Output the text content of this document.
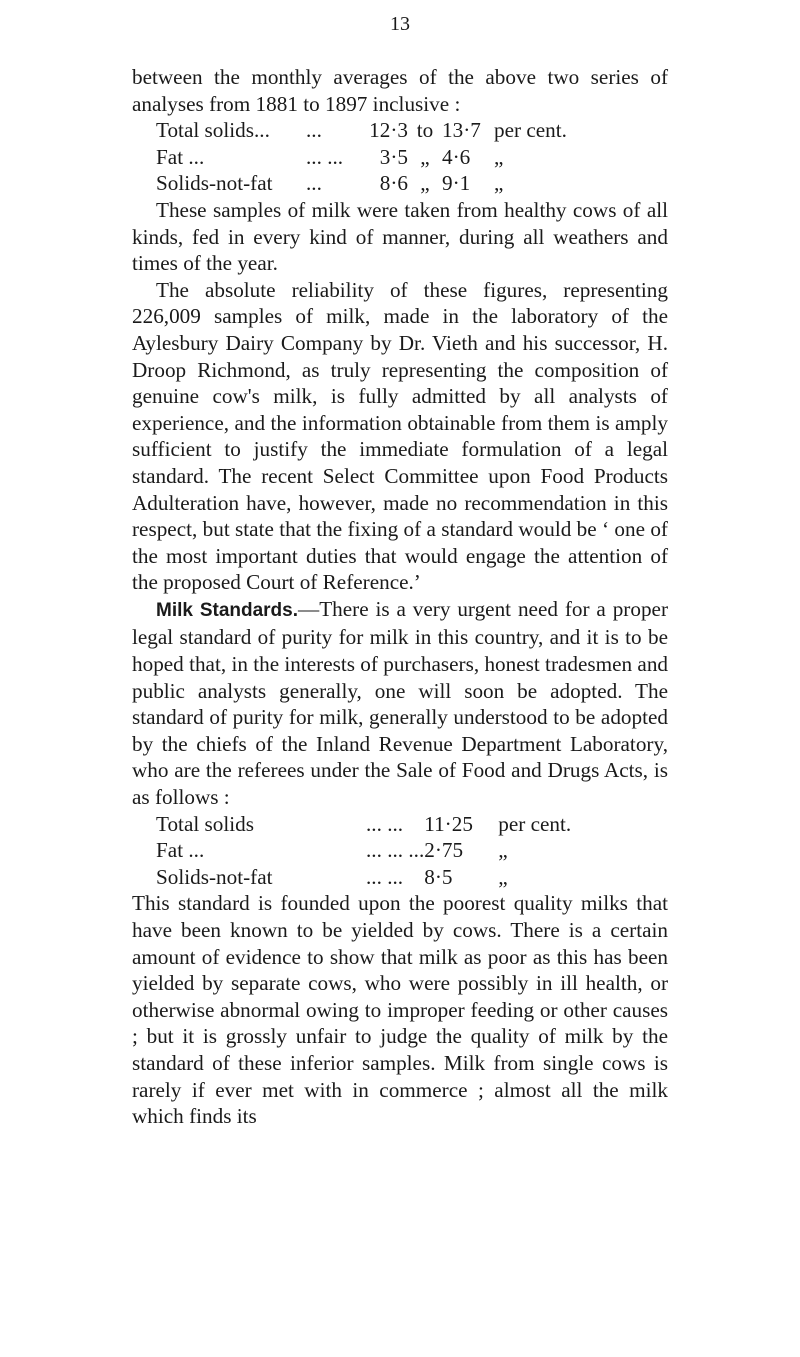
13

between the monthly averages of the above two series of analyses from 1881 to 1897 inclusive :

Total solids...	...	12·3	to	13·7	per cent.
Fat ...	... ...	3·5	„	4·6	„
Solids-not-fat	...	8·6	„	9·1	„

These samples of milk were taken from healthy cows of all kinds, fed in every kind of manner, during all weathers and times of the year.

The absolute reliability of these figures, representing 226,009 samples of milk, made in the laboratory of the Aylesbury Dairy Company by Dr. Vieth and his successor, H. Droop Richmond, as truly representing the composition of genuine cow's milk, is fully admitted by all analysts of experience, and the information obtainable from them is amply sufficient to justify the immediate formulation of a legal standard. The recent Select Committee upon Food Products Adulteration have, however, made no recommendation in this respect, but state that the fixing of a standard would be ‘ one of the most important duties that would engage the attention of the proposed Court of Reference.’

Milk Standards.—There is a very urgent need for a proper legal standard of purity for milk in this country, and it is to be hoped that, in the interests of purchasers, honest tradesmen and public analysts generally, one will soon be adopted. The standard of purity for milk, generally understood to be adopted by the chiefs of the Inland Revenue Department Laboratory, who are the referees under the Sale of Food and Drugs Acts, is as follows :

Total solids	... ...	11·25	per cent.
Fat ...	... ... ...	2·75	„
Solids-not-fat	... ...	8·5	„

This standard is founded upon the poorest quality milks that have been known to be yielded by cows. There is a certain amount of evidence to show that milk as poor as this has been yielded by separate cows, who were possibly in ill health, or otherwise abnormal owing to improper feeding or other causes ; but it is grossly unfair to judge the quality of milk by the standard of these inferior samples. Milk from single cows is rarely if ever met with in commerce ; almost all the milk which finds its
